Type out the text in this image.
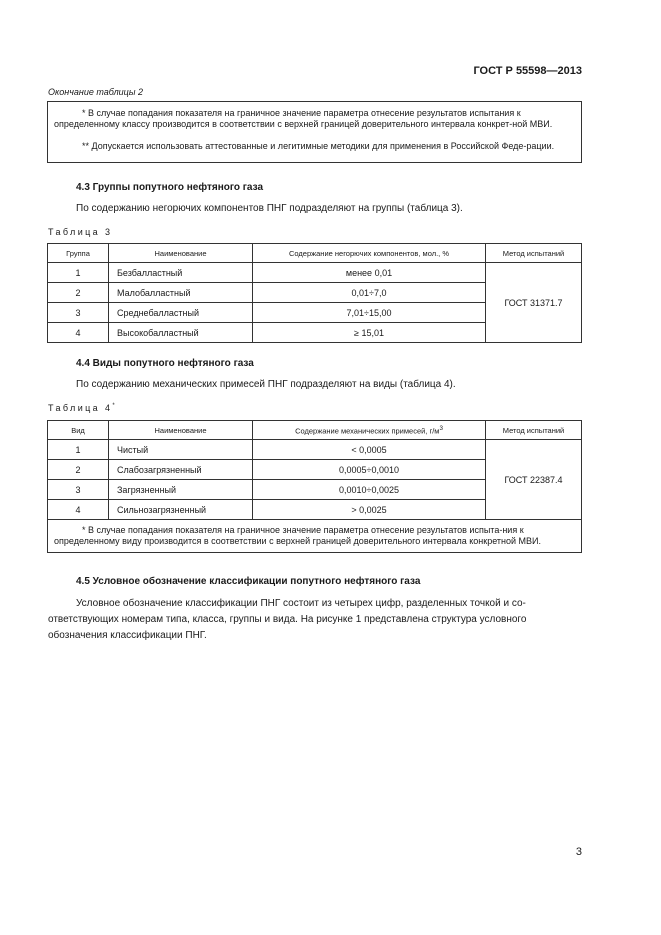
ГОСТ Р 55598—2013
Окончание таблицы 2
* В случае попадания показателя на граничное значение параметра отнесение результатов испытания к определенному классу производится в соответствии с верхней границей доверительного интервала конкрет-ной МВИ.
** Допускается использовать аттестованные и легитимные методики для применения в Российской Феде-рации.
4.3 Группы попутного нефтяного газа
По содержанию негорючих компонентов ПНГ подразделяют на группы (таблица 3).
Таблица 3
Группа	Наименование	Содержание негорючих компонентов, мол., %	Метод испытаний
1	Безбалластный	менее 0,01	ГОСТ 31371.7
2	Малобалластный	0,01÷7,0	
3	Среднебалластный	7,01÷15,00	
4	Высокобалластный	≥ 15,01	
4.4 Виды попутного нефтяного газа
По содержанию механических примесей ПНГ подразделяют на виды (таблица 4).
Таблица 4*
Вид	Наименование	Содержание механических примесей, $г/м^3$	Метод испытаний
1	Чистый	< 0,0005	ГОСТ 22387.4
2	Слабозагрязненный	0,0005÷0,0010	
3	Загрязненный	0,0010÷0,0025	
4	Сильнозагрязненный	> 0,0025	
* В случае попадания показателя на граничное значение параметра отнесение результатов испыта-ния к определенному виду производится в соответствии с верхней границей доверительного интервала конкретной МВИ.			
4.5 Условное обозначение классификации попутного нефтяного газа
Условное обозначение классификации ПНГ состоит из четырех цифр, разделенных точкой и со-ответствующих номерам типа, класса, группы и вида. На рисунке 1 представлена структура условного обозначения классификации ПНГ.
3
